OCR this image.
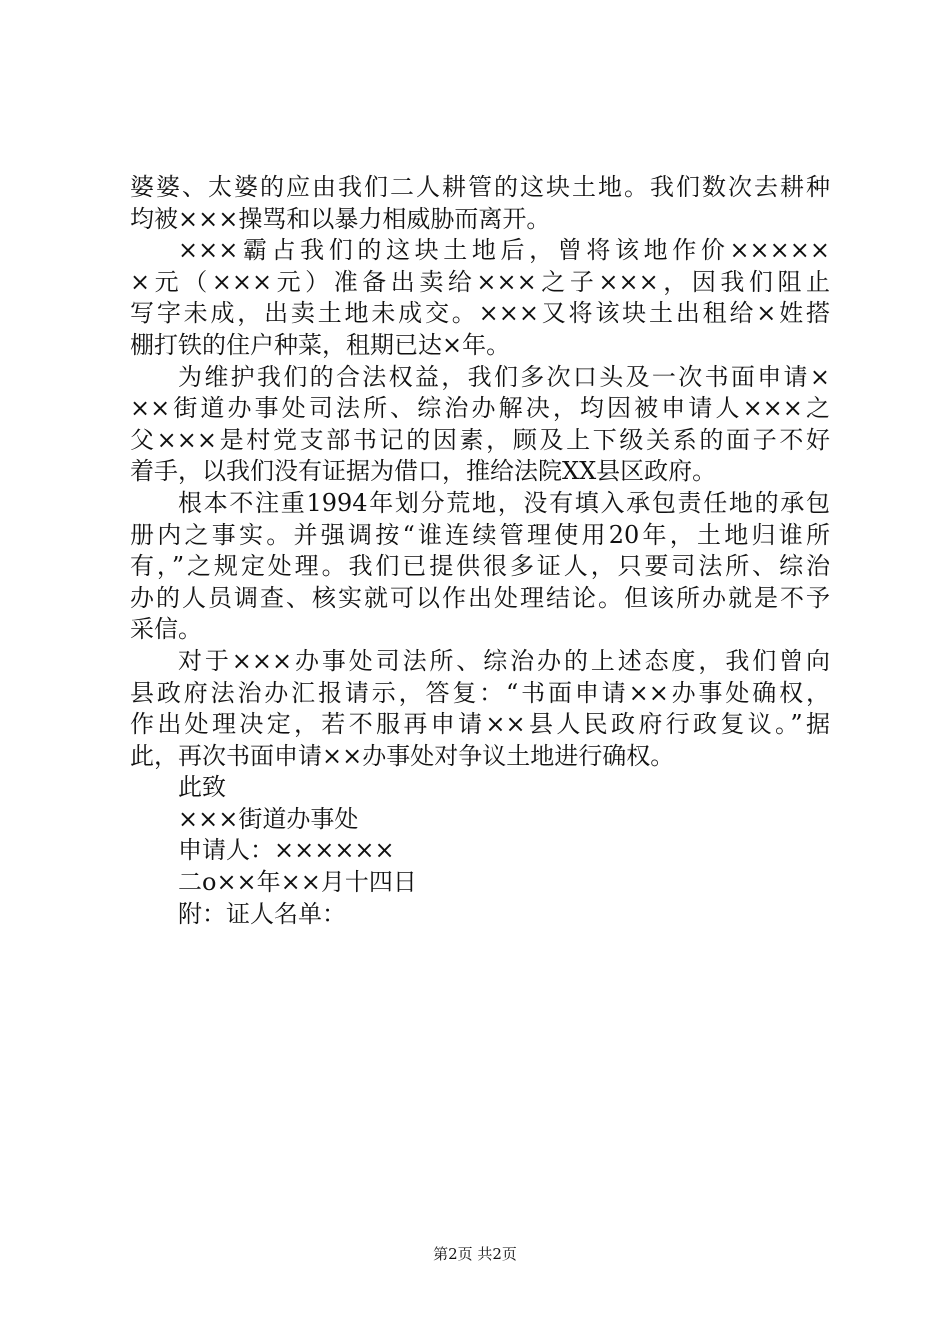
婆婆、太婆的应由我们二人耕管的这块土地。我们数次去耕种
均被×××操骂和以暴力相威胁而离开。
×××霸占我们的这块土地后，曾将该地作价×××××
×元（×××元）准备出卖给×××之子×××，因我们阻止
写字未成，出卖土地未成交。×××又将该块土出租给×姓搭
棚打铁的住户种菜，租期已达×年。
为维护我们的合法权益，我们多次口头及一次书面申请×
××街道办事处司法所、综治办解决，均因被申请人×××之
父×××是村党支部书记的因素，顾及上下级关系的面子不好
着手，以我们没有证据为借口，推给法院XX县区政府。
根本不注重1994年划分荒地，没有填入承包责任地的承包
册内之事实。并强调按“谁连续管理使用20年，土地归谁所
有，”之规定处理。我们已提供很多证人，只要司法所、综治
办的人员调查、核实就可以作出处理结论。但该所办就是不予
采信。
对于×××办事处司法所、综治办的上述态度，我们曾向
县政府法治办汇报请示，答复：“书面申请××办事处确权，
作出处理决定，若不服再申请××县人民政府行政复议。”据
此，再次书面申请××办事处对争议土地进行确权。
此致
×××街道办事处
申请人：××××××
二o××年××月十四日
附：证人名单：
第2页 共2页
